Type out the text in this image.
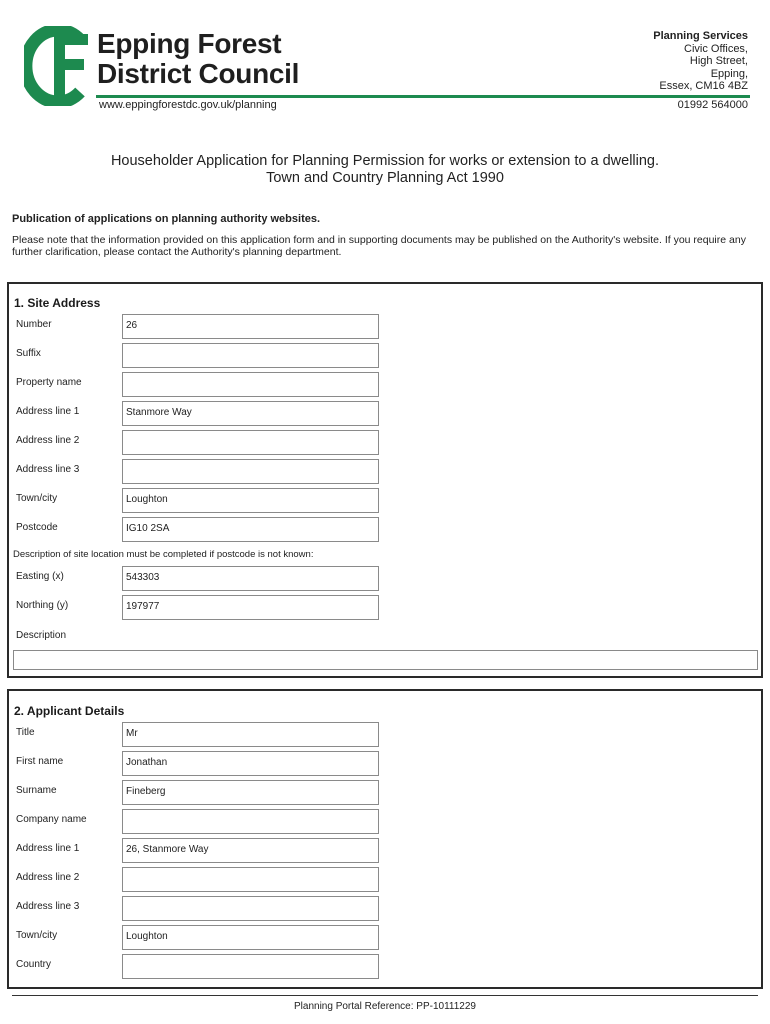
Epping Forest
District Council
www.eppingforestdc.gov.uk/planning
Planning Services
Civic Offices,
High Street,
Epping,
Essex, CM16 4BZ
01992 564000
Householder Application for Planning Permission for works or extension to a dwelling.
Town and Country Planning Act 1990
Publication of applications on planning authority websites.
Please note that the information provided on this application form and in supporting documents may be published on the Authority's website. If you require any further clarification, please contact the Authority's planning department.
1. Site Address
Number	26
Suffix
Property name
Address line 1	Stanmore Way
Address line 2
Address line 3
Town/city	Loughton
Postcode	IG10 2SA
Description of site location must be completed if postcode is not known:
Easting (x)	543303
Northing (y)	197977
Description
2. Applicant Details
Title	Mr
First name	Jonathan
Surname	Fineberg
Company name
Address line 1	26, Stanmore Way
Address line 2
Address line 3
Town/city	Loughton
Country
Planning Portal Reference: PP-10111229
